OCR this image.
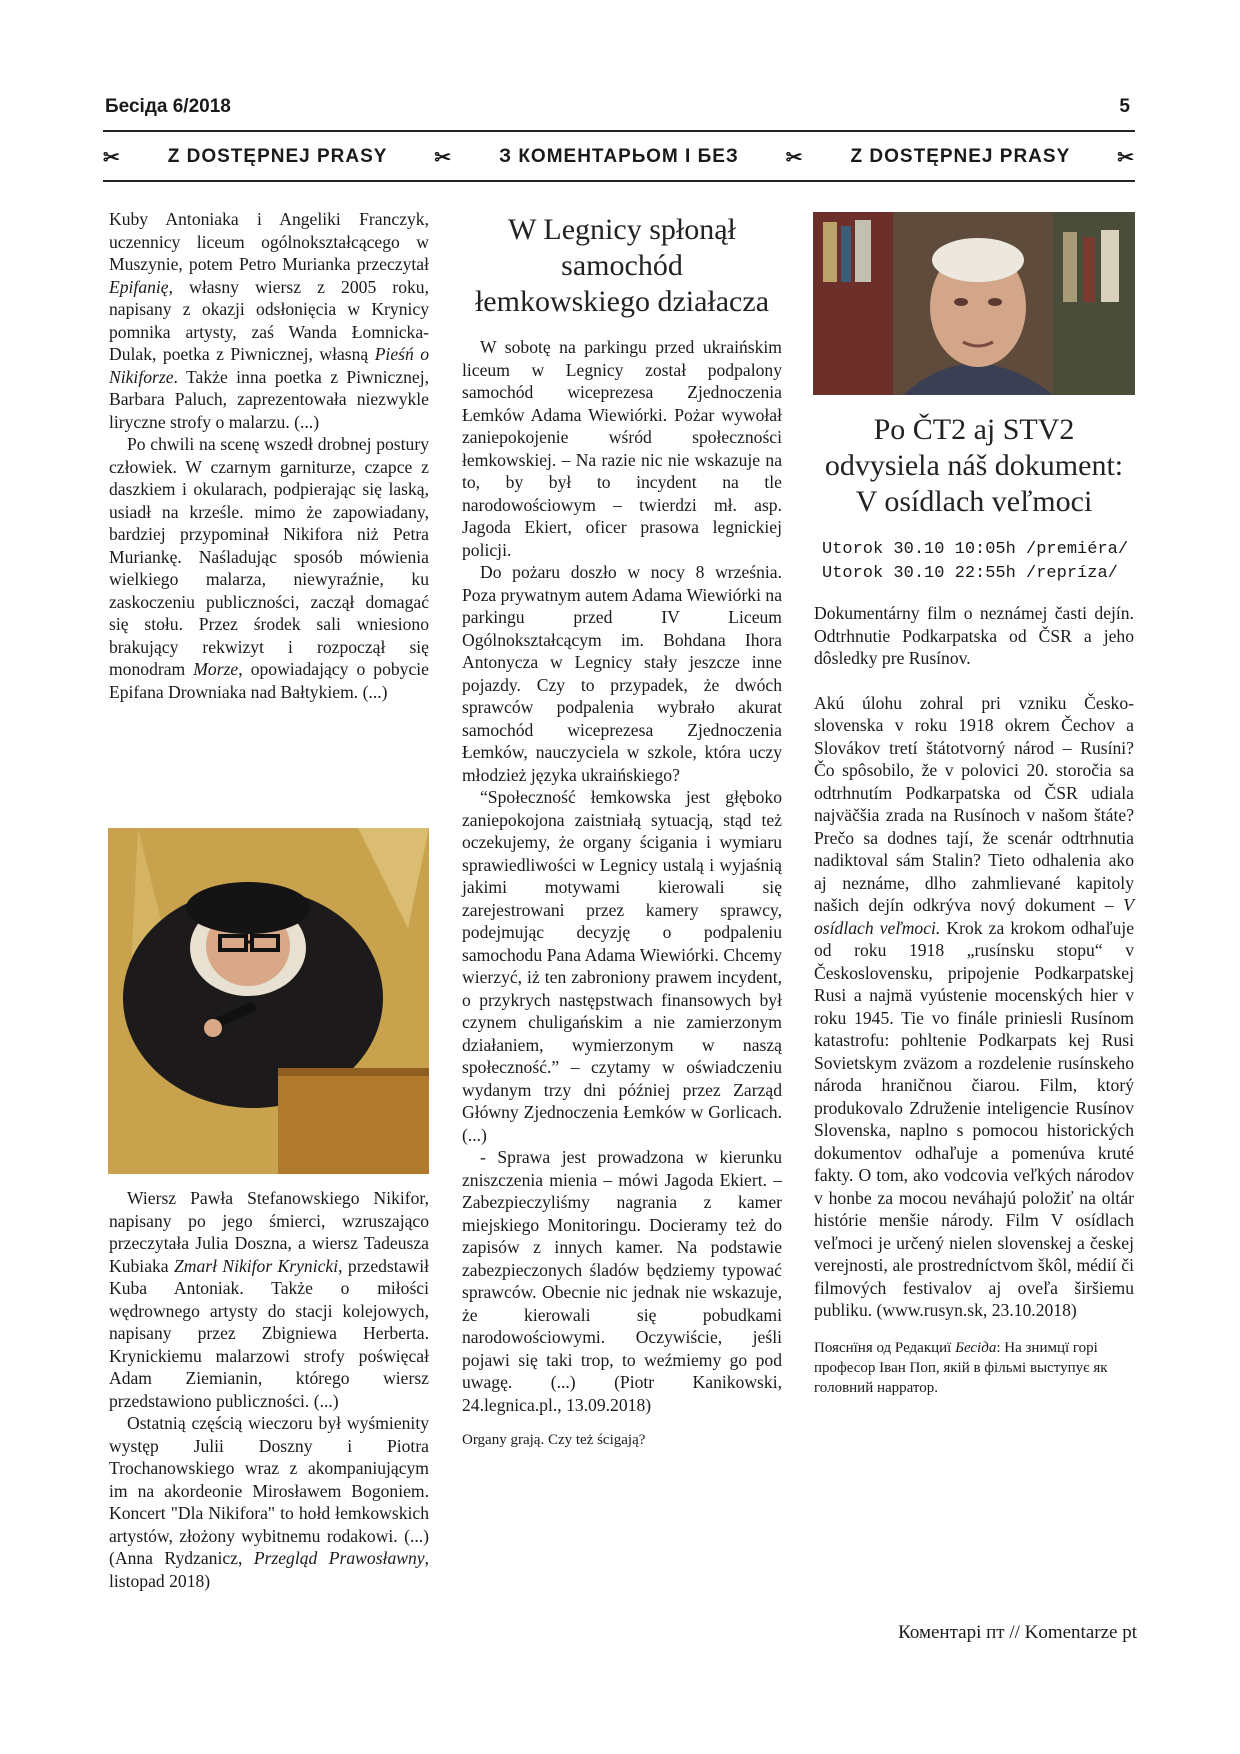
Бесіда 6/2018	5
✂ Z DOSTĘPNEJ PRASY ✂ З КОМЕНТАРЬОМ І БЕЗ ✂ Z DOSTĘPNEJ PRASY ✂

Kuby Antoniaka i Angeliki Franczyk, uczennicy liceum ogólnokształcącego w Muszynie, potem Petro Murianka przeczytał Epifanię, własny wiersz z 2005 roku, napisany z okazji odsłonięcia w Krynicy pomnika artysty, zaś Wanda Łomnicka-Dulak, poetka z Piwnicznej, własną Pieśń o Nikiforze. Także inna poetka z Piwnicznej, Barbara Paluch, zaprezentowała niezwykle liryczne strofy o malarzu. (...)

Po chwili na scenę wszedł drobnej postury człowiek. W czarnym garniturze, czapce z daszkiem i okularach, podpierając się laską, usiadł na krześle. mimo że zapowiadany, bardziej przypominał Nikifora niż Petra Muriankę. Naśladując sposób mówienia wielkiego malarza, niewyraźnie, ku zaskoczeniu publiczności, zaczął domagać się stołu. Przez środek sali wniesiono brakujący rekwizyt i rozpoczął się monodram Morze, opowiadający o pobycie Epifana Drowniaka nad Bałtykiem. (...)

Wiersz Pawła Stefanowskiego Nikifor, napisany po jego śmierci, wzruszająco przeczytała Julia Doszna, a wiersz Tadeusza Kubiaka Zmarł Nikifor Krynicki, przedstawił Kuba Antoniak. Także o miłości wędrownego artysty do stacji kolejowych, napisany przez Zbigniewa Herberta. Krynickiemu malarzowi strofy poświęcał Adam Ziemianin, którego wiersz przedstawiono publiczności. (...)

Ostatnią częścią wieczoru był wyśmienity występ Julii Doszny i Piotra Trochanowskiego wraz z akompaniującym im na akordeonie Mirosławem Bogoniem. Koncert "Dla Nikifora" to hołd łemkowskich artystów, złożony wybitnemu rodakowi. (...) (Anna Rydzanicz, Przegląd Prawosławny, listopad 2018)

W Legnicy spłonął samochód łemkowskiego działacza

W sobotę na parkingu przed ukraińskim liceum w Legnicy został podpalony samochód wiceprezesa Zjednoczenia Łemków Adama Wiewiórki. Pożar wywołał zaniepokojenie wśród społeczności łemkowskiej. – Na razie nic nie wskazuje na to, by był to incydent na tle narodowościowym – twierdzi mł. asp. Jagoda Ekiert, oficer prasowa legnickiej policji.

Do pożaru doszło w nocy 8 września. Poza prywatnym autem Adama Wiewiórki na parkingu przed IV Liceum Ogólnokształcącym im. Bohdana Ihora Antonycza w Legnicy stały jeszcze inne pojazdy. Czy to przypadek, że dwóch sprawców podpalenia wybrało akurat samochód wiceprezesa Zjednoczenia Łemków, nauczyciela w szkole, która uczy młodzież języka ukraińskiego?

“Społeczność łemkowska jest głęboko zaniepokojona zaistniałą sytuacją, stąd też oczekujemy, że organy ścigania i wymiaru sprawiedliwości w Legnicy ustalą i wyjaśnią jakimi motywami kierowali się zarejestrowani przez kamery sprawcy, podejmując decyzję o podpaleniu samochodu Pana Adama Wiewiórki. Chcemy wierzyć, iż ten zabroniony prawem incydent, o przykrych następstwach finansowych był czynem chuligańskim a nie zamierzonym działaniem, wymierzonym w naszą społeczność.” – czytamy w oświadczeniu wydanym trzy dni później przez Zarząd Główny Zjednoczenia Łemków w Gorlicach. (...)

- Sprawa jest prowadzona w kierunku zniszczenia mienia – mówi Jagoda Ekiert. – Zabezpieczyliśmy nagrania z kamer miejskiego Monitoringu. Docieramy też do zapisów z innych kamer. Na podstawie zabezpieczonych śladów będziemy typować sprawców. Obecnie nic jednak nie wskazuje, że kierowali się pobudkami narodowościowymi. Oczywiście, jeśli pojawi się taki trop, to weźmiemy go pod uwagę. (...) (Piotr Kanikowski, 24.legnica.pl., 13.09.2018)

Organy grają. Czy też ścigają?
Po ČT2 aj STV2 odvysiela náš dokument: V osídlach veľmoci
Utorok 30.10 10:05h /premiéra/
Utorok 30.10 22:55h /repríza/

Dokumentárny film o neznámej časti dejín. Odtrhnutie Podkarpatska od ČSR a jeho dôsledky pre Rusínov.

Akú úlohu zohral pri vzniku Česko-slovenska v roku 1918 okrem Čechov a Slovákov tretí štátotvorný národ – Rusíni? Čo spôsobilo, že v polovici 20. storočia sa odtrhnutím Podkarpatska od ČSR udiala najväčšia zrada na Rusínoch v našom štáte? Prečo sa dodnes tají, že scenár odtrhnutia nadiktoval sám Stalin? Tieto odhalenia ako aj neznáme, dlho zahmlievané kapitoly našich dejín odkrýva nový dokument – V osídlach veľmoci. Krok za krokom odhaľuje od roku 1918 „rusínsku stopu“ v Československu, pripojenie Podkarpatskej Rusi a najmä vyústenie mocenských hier v roku 1945. Tie vo finále priniesli Rusínom katastrofu: pohltenie Podkarpats kej Rusi Sovietskym zväzom a rozdelenie rusínskeho národa hraničnou čiarou. Film, ktorý produkovalo Združenie inteligencie Rusínov Slovenska, naplno s pomocou historických dokumentov odhaľuje a pomenúva kruté fakty. O tom, ako vodcovia veľkých národov v honbe za mocou neváhajú položiť na oltár histórie menšie národy. Film V osídlach veľmoci je určený nielen slovenskej a českej verejnosti, ale prostredníctvom škôl, médií či filmových festivalov aj oveľa širšiemu publiku. (www.rusyn.sk, 23.10.2018)

Пояснїня од Редакциї Бесіда: На знимцї горі професор Іван Поп, якій в фільмі выступує як головний нарратор.
Коментарі пт // Komentarze pt
